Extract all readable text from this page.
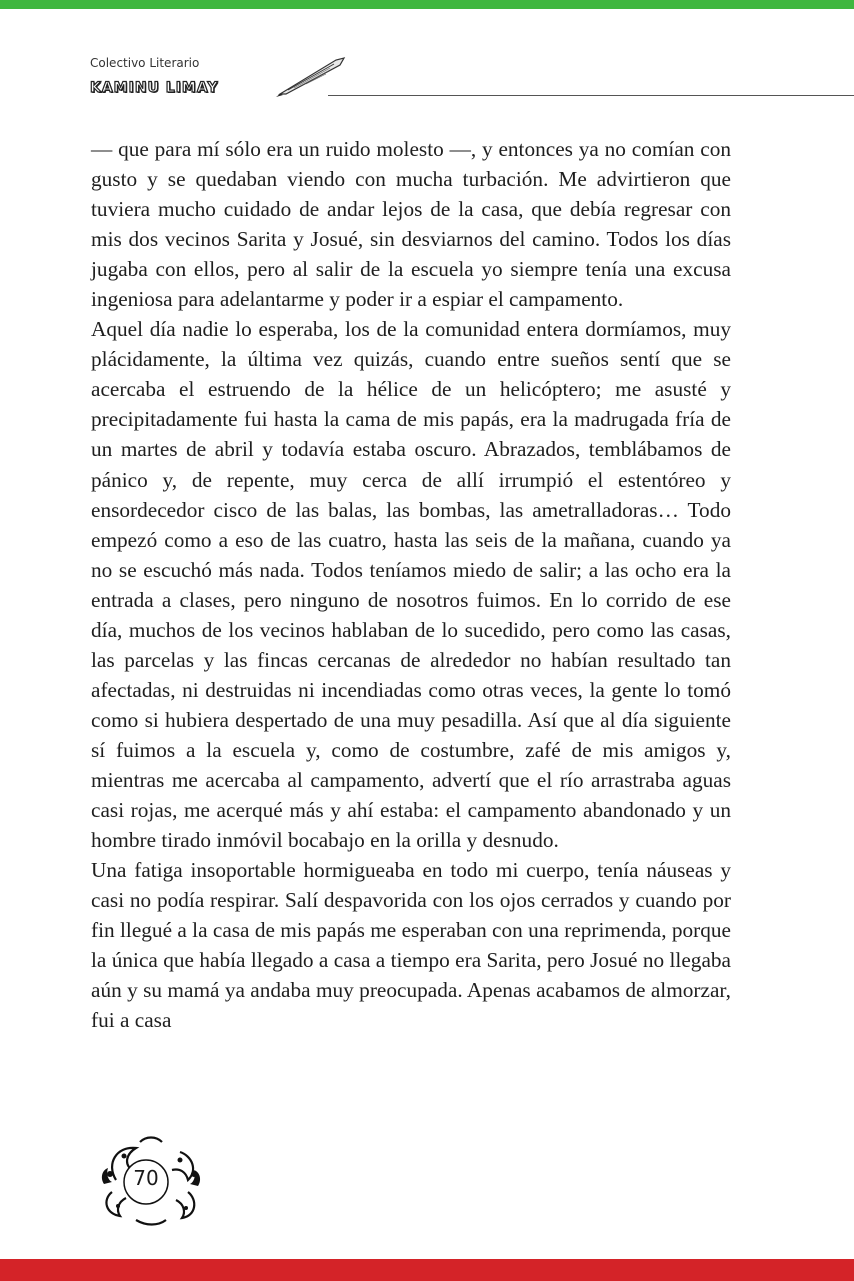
Colectivo Literario
KAMINU LIMAY

— que para mí sólo era un ruido molesto —, y entonces ya no comían con gusto y se quedaban viendo con mucha turbación. Me advirtieron que tuviera mucho cuidado de andar lejos de la casa, que debía regresar con mis dos vecinos Sarita y Josué, sin desviarnos del camino. Todos los días jugaba con ellos, pero al salir de la escuela yo siempre tenía una excusa ingeniosa para adelantarme y poder ir a espiar el campamento.

Aquel día nadie lo esperaba, los de la comunidad entera dormíamos, muy plácidamente, la última vez quizás, cuando entre sueños sentí que se acercaba el estruendo de la hélice de un helicóptero; me asusté y precipitadamente fui hasta la cama de mis papás, era la madrugada fría de un martes de abril y todavía estaba oscuro. Abrazados, temblábamos de pánico y, de repente, muy cerca de allí irrumpió el estentóreo y ensordecedor cisco de las balas, las bombas, las ametralladoras… Todo empezó como a eso de las cuatro, hasta las seis de la mañana, cuando ya no se escuchó más nada. Todos teníamos miedo de salir; a las ocho era la entrada a clases, pero ninguno de nosotros fuimos. En lo corrido de ese día, muchos de los vecinos hablaban de lo sucedido, pero como las casas, las parcelas y las fincas cercanas de alrededor no habían resultado tan afectadas, ni destruidas ni incendiadas como otras veces, la gente lo tomó como si hubiera despertado de una muy pesadilla. Así que al día siguiente sí fuimos a la escuela y, como de costumbre, zafé de mis amigos y, mientras me acercaba al campamento, advertí que el río arrastraba aguas casi rojas, me acerqué más y ahí estaba: el campamento abandonado y un hombre tirado inmóvil bocabajo en la orilla y desnudo.

Una fatiga insoportable hormigueaba en todo mi cuerpo, tenía náuseas y casi no podía respirar. Salí despavorida con los ojos cerrados y cuando por fin llegué a la casa de mis papás me esperaban con una reprimenda, porque la única que había llegado a casa a tiempo era Sarita, pero Josué no llegaba aún y su mamá ya andaba muy preocupada. Apenas acabamos de almorzar, fui a casa

70
